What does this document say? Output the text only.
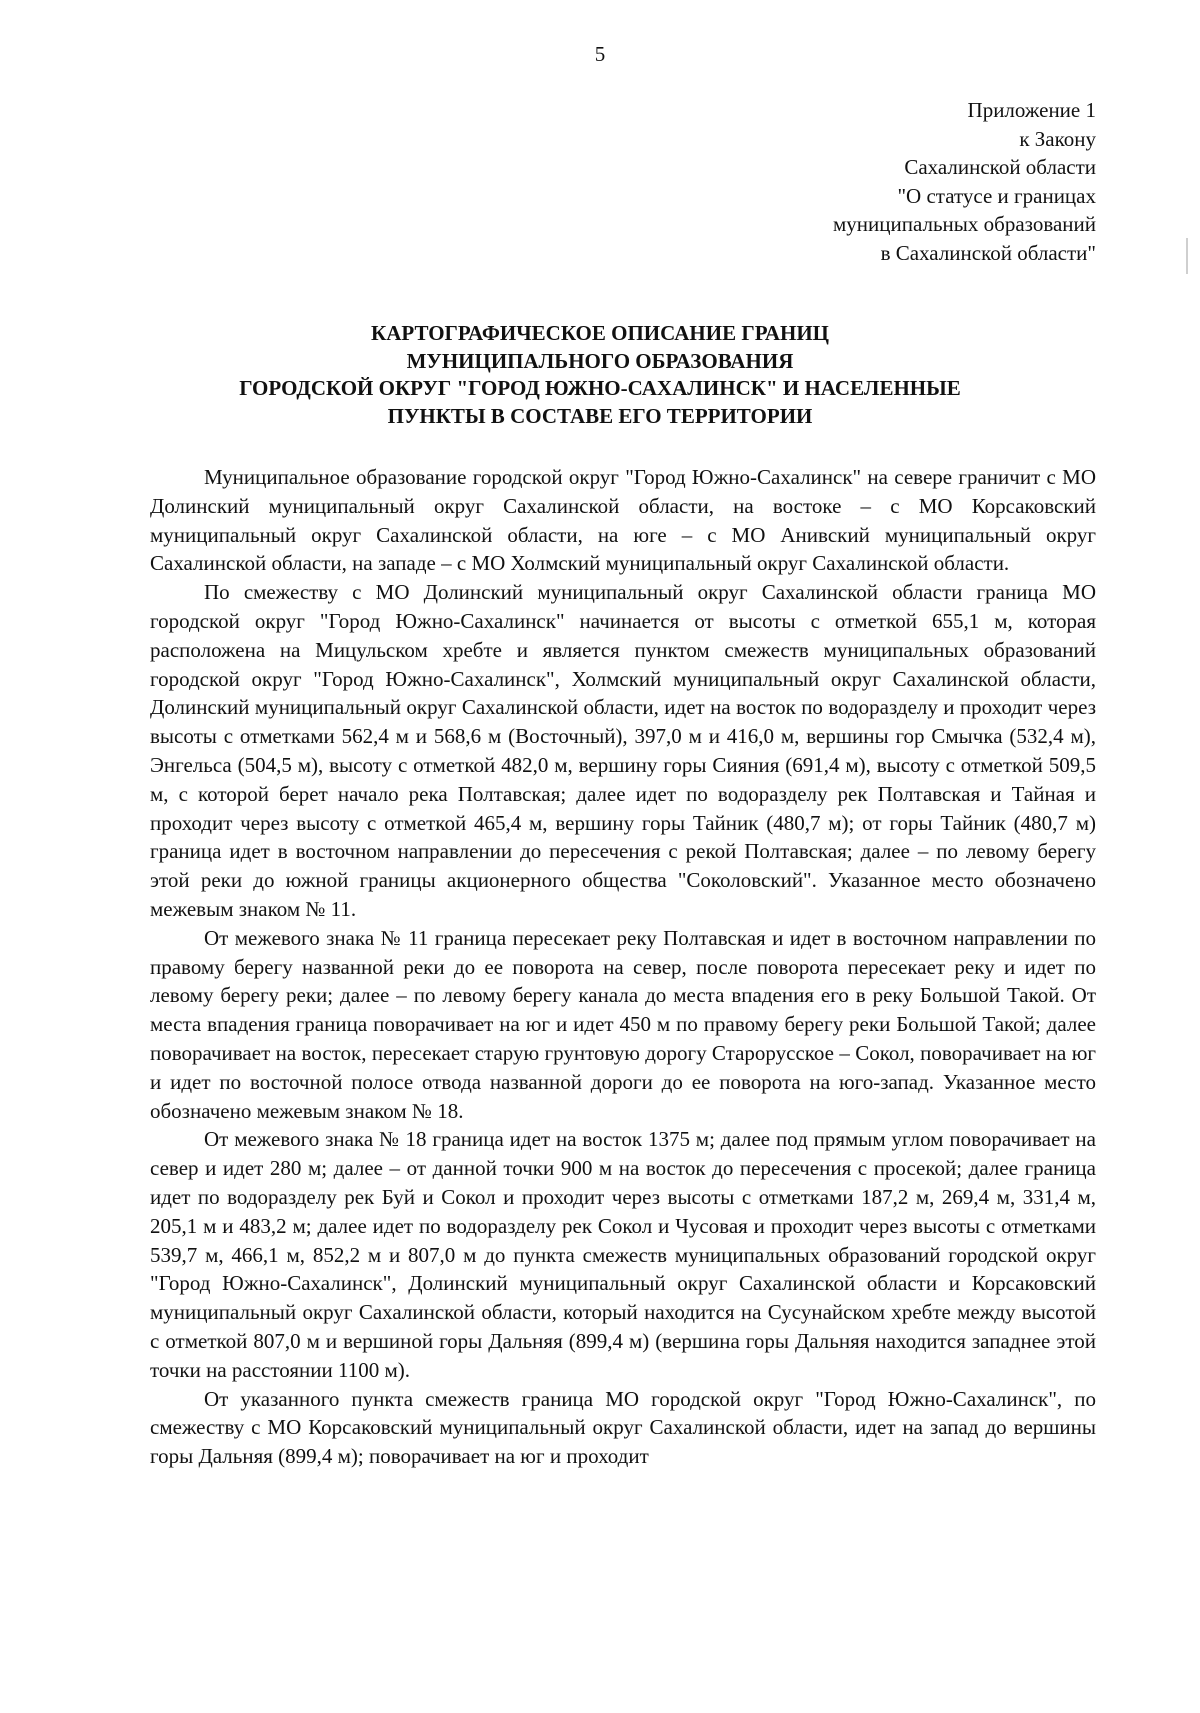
5
Приложение 1
к Закону
Сахалинской области
"О статусе и границах
муниципальных образований
в Сахалинской области"
КАРТОГРАФИЧЕСКОЕ ОПИСАНИЕ ГРАНИЦ
МУНИЦИПАЛЬНОГО ОБРАЗОВАНИЯ
ГОРОДСКОЙ ОКРУГ "ГОРОД ЮЖНО-САХАЛИНСК" И НАСЕЛЕННЫЕ
ПУНКТЫ В СОСТАВЕ ЕГО ТЕРРИТОРИИ

Муниципальное образование городской округ "Город Южно-Сахалинск" на севере граничит с МО Долинский муниципальный округ Сахалинской области, на востоке – с МО Корсаковский муниципальный округ Сахалинской области, на юге – с МО Анивский муниципальный округ Сахалинской области, на западе – с МО Холмский муниципальный округ Сахалинской области.

По смежеству с МО Долинский муниципальный округ Сахалинской области граница МО городской округ "Город Южно-Сахалинск" начинается от высоты с отметкой 655,1 м, которая расположена на Мицульском хребте и является пунктом смежеств муниципальных образований городской округ "Город Южно-Сахалинск", Холмский муниципальный округ Сахалинской области, Долинский муниципальный округ Сахалинской области, идет на восток по водоразделу и проходит через высоты с отметками 562,4 м и 568,6 м (Восточный), 397,0 м и 416,0 м, вершины гор Смычка (532,4 м), Энгельса (504,5 м), высоту с отметкой 482,0 м, вершину горы Сияния (691,4 м), высоту с отметкой 509,5 м, с которой берет начало река Полтавская; далее идет по водоразделу рек Полтавская и Тайная и проходит через высоту с отметкой 465,4 м, вершину горы Тайник (480,7 м); от горы Тайник (480,7 м) граница идет в восточном направлении до пересечения с рекой Полтавская; далее – по левому берегу этой реки до южной границы акционерного общества "Соколовский". Указанное место обозначено межевым знаком № 11.

От межевого знака № 11 граница пересекает реку Полтавская и идет в восточном направлении по правому берегу названной реки до ее поворота на север, после поворота пересекает реку и идет по левому берегу реки; далее – по левому берегу канала до места впадения его в реку Большой Такой. От места впадения граница поворачивает на юг и идет 450 м по правому берегу реки Большой Такой; далее поворачивает на восток, пересекает старую грунтовую дорогу Старорусское – Сокол, поворачивает на юг и идет по восточной полосе отвода названной дороги до ее поворота на юго-запад. Указанное место обозначено межевым знаком № 18.

От межевого знака № 18 граница идет на восток 1375 м; далее под прямым углом поворачивает на север и идет 280 м; далее – от данной точки 900 м на восток до пересечения с просекой; далее граница идет по водоразделу рек Буй и Сокол и проходит через высоты с отметками 187,2 м, 269,4 м, 331,4 м, 205,1 м и 483,2 м; далее идет по водоразделу рек Сокол и Чусовая и проходит через высоты с отметками 539,7 м, 466,1 м, 852,2 м и 807,0 м до пункта смежеств муниципальных образований городской округ "Город Южно-Сахалинск", Долинский муниципальный округ Сахалинской области и Корсаковский муниципальный округ Сахалинской области, который находится на Сусунайском хребте между высотой с отметкой 807,0 м и вершиной горы Дальняя (899,4 м) (вершина горы Дальняя находится западнее этой точки на расстоянии 1100 м).

От указанного пункта смежеств граница МО городской округ "Город Южно-Сахалинск", по смежеству с МО Корсаковский муниципальный округ Сахалинской области, идет на запад до вершины горы Дальняя (899,4 м); поворачивает на юг и проходит
